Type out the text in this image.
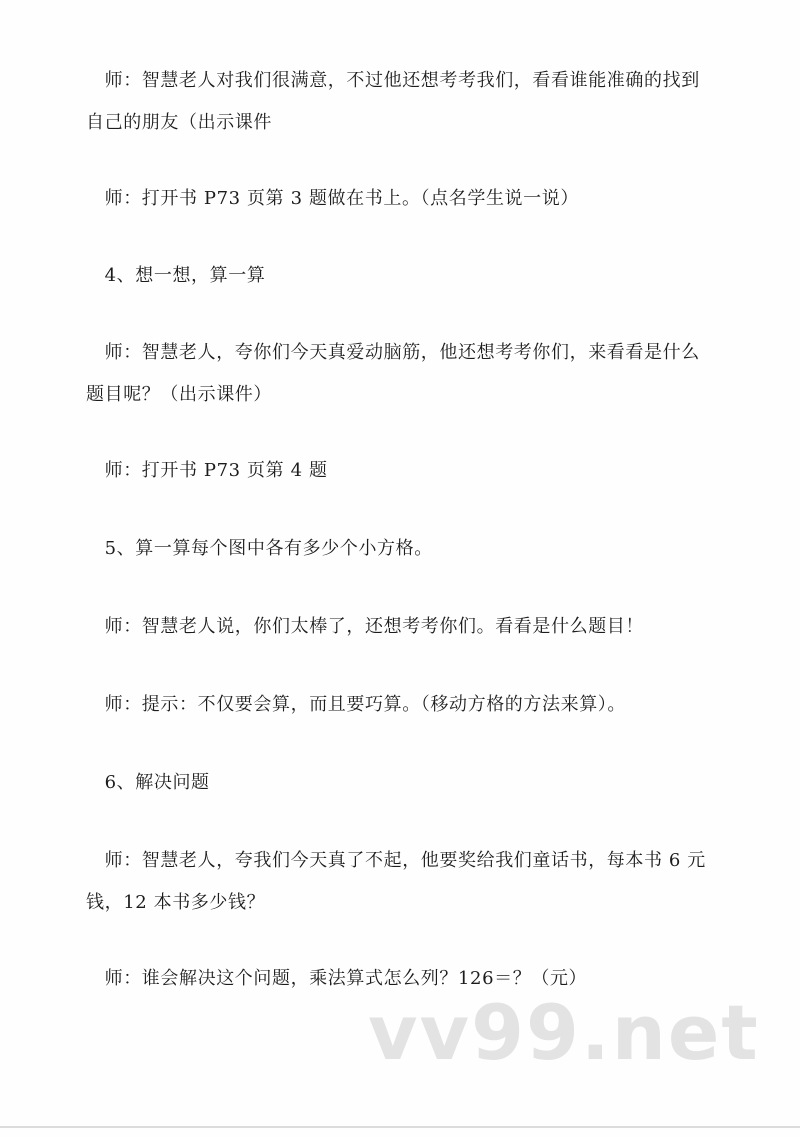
　师：智慧老人对我们很满意，不过他还想考考我们，看看谁能准确的找到
自己的朋友（出示课件
　师：打开书 P73 页第 3 题做在书上。（点名学生说一说）
　4、想一想，算一算
　师：智慧老人，夸你们今天真爱动脑筋，他还想考考你们，来看看是什么
题目呢？（出示课件）
　师：打开书 P73 页第 4 题
　5、算一算每个图中各有多少个小方格。
　师：智慧老人说，你们太棒了，还想考考你们。看看是什么题目！
　师：提示：不仅要会算，而且要巧算。（移动方格的方法来算）。
　6、解决问题
　师：智慧老人，夸我们今天真了不起，他要奖给我们童话书，每本书 6 元
钱，12 本书多少钱？
　师：谁会解决这个问题，乘法算式怎么列？126＝？（元）
vv99.net
